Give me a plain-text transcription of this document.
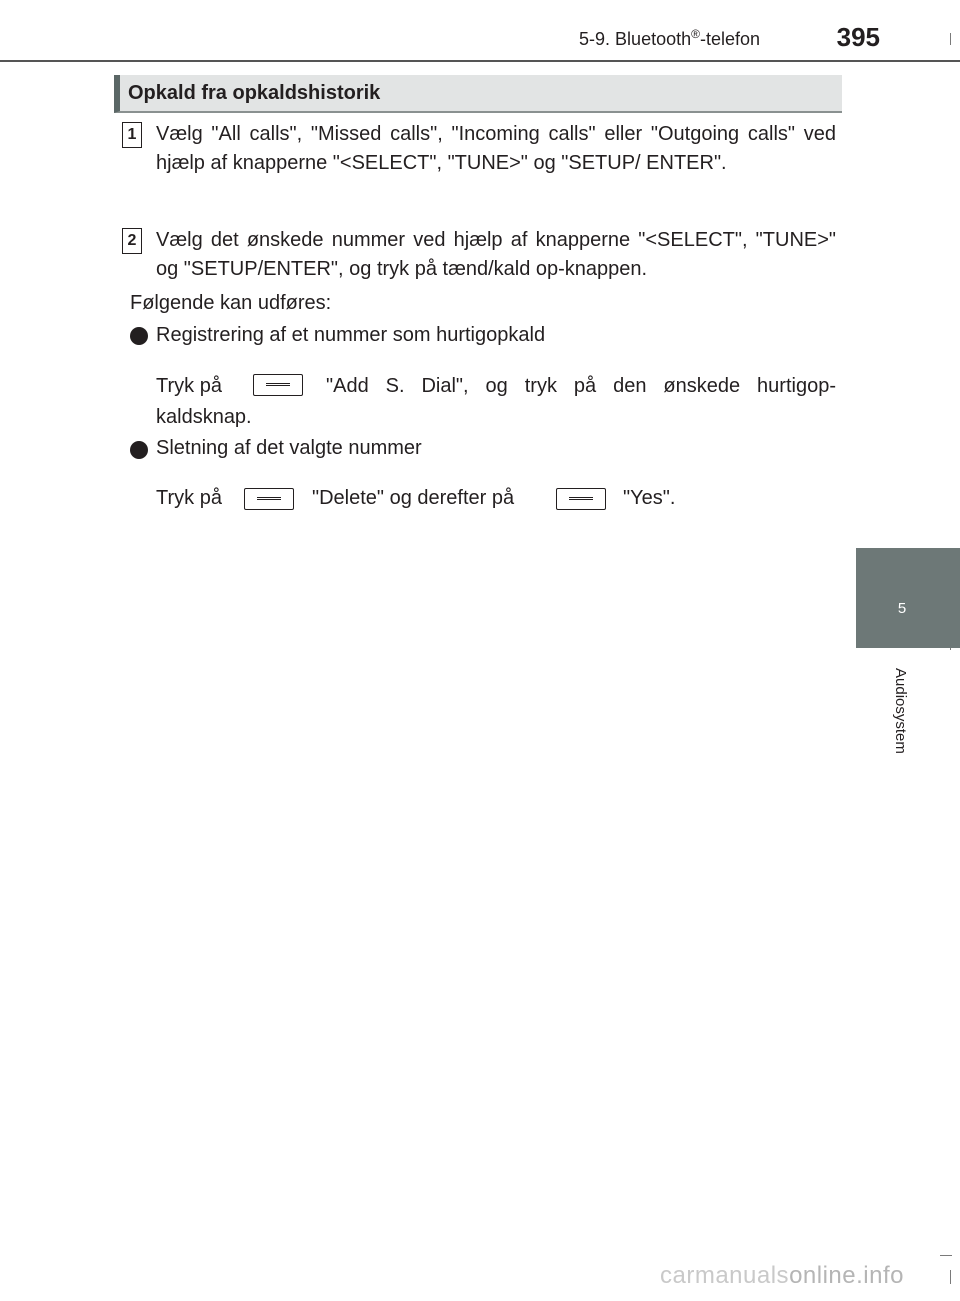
5-9. Bluetooth®-telefon	395
5
Audiosystem
Opkald fra opkaldshistorik
1 Vælg "All calls", "Missed calls", "Incoming calls" eller "Outgoing calls" ved hjælp af knapperne "<SELECT", "TUNE>" og "SETUP/ ENTER".
2 Vælg det ønskede nummer ved hjælp af knapperne "<SELECT", "TUNE>" og "SETUP/ENTER", og tryk på tænd/kald op-knappen.
Følgende kan udføres:
Registrering af et nummer som hurtigopkald
Tryk på	"Add S. Dial", og tryk på den ønskede hurtigop-
kaldsknap.
Sletning af det valgte nummer
Tryk på	"Delete" og derefter på	"Yes".
carmanualsonline.info
